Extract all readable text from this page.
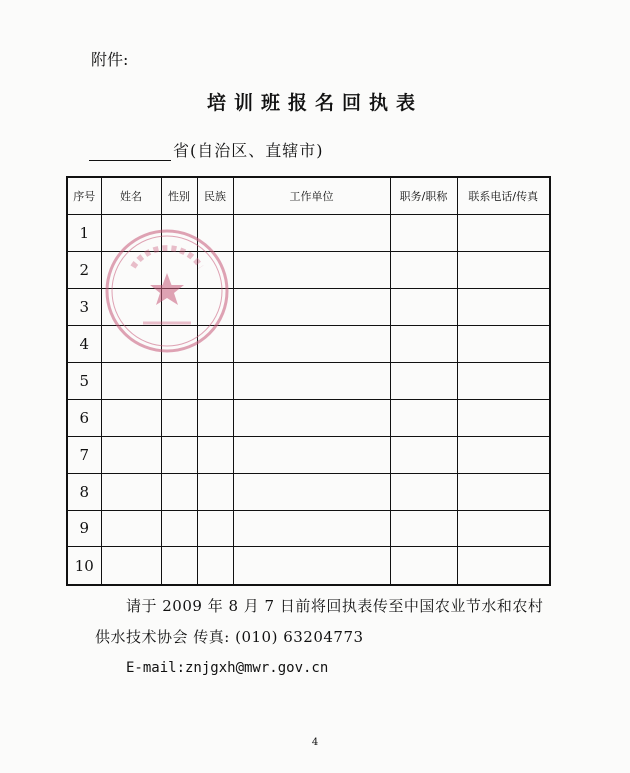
附件:
培训班报名回执表
省(自治区、直辖市)
序号	姓名	性别	民族	工作单位	职务/职称	联系电话/传真
1						
2						
3						
4						
5						
6						
7						
8						
9						
10						
请于 2009 年 8 月 7 日前将回执表传至中国农业节水和农村
供水技术协会 传真: (010) 63204773
E-mail:znjgxh@mwr.gov.cn
4
